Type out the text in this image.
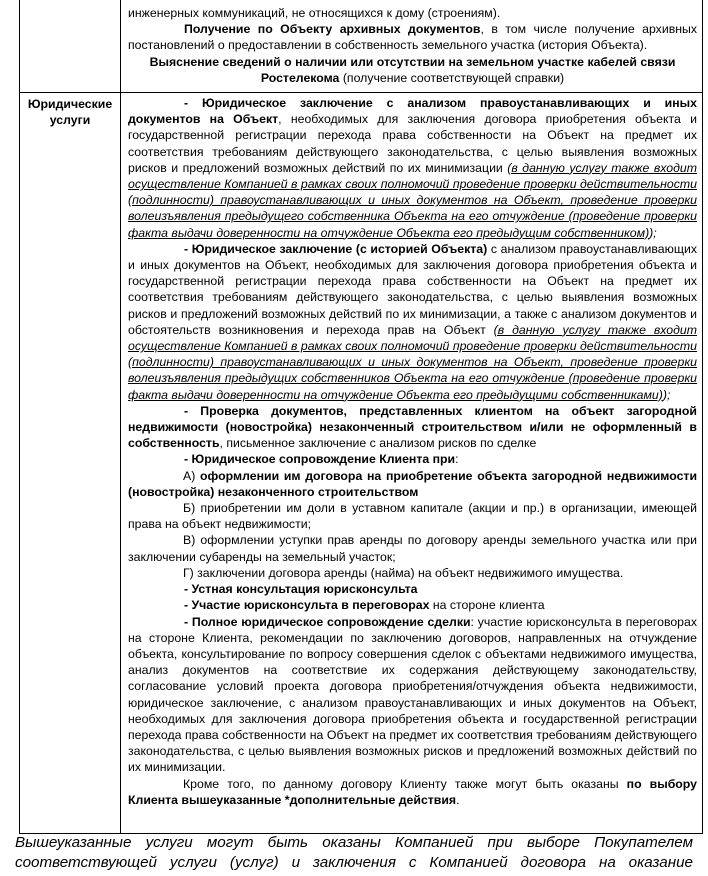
инженерных коммуникаций, не относящихся к дому (строениям).

Получение по Объекту архивных документов, в том числе получение архивных постановлений о предоставлении в собственность земельного участка (история Объекта).

Выяснение сведений о наличии или отсутствии на земельном участке кабелей связи Ростелекома (получение соответствующей справки)

Юридические услуги

- Юридическое заключение с анализом правоустанавливающих и иных документов на Объект, необходимых для заключения договора приобретения объекта и государственной регистрации перехода права собственности на Объект на предмет их соответствия требованиям действующего законодательства, с целью выявления возможных рисков и предложений возможных действий по их минимизации (в данную услугу также входит осуществление Компанией в рамках своих полномочий проведение проверки действительности (подлинности) правоустанавливающих и иных документов на Объект, проведение проверки волеизъявления предыдущего собственника Объекта на его отчуждение (проведение проверки факта выдачи доверенности на отчуждение Объекта его предыдущим собственником));

- Юридическое заключение (с историей Объекта) с анализом правоустанавливающих и иных документов на Объект, необходимых для заключения договора приобретения объекта и государственной регистрации перехода права собственности на Объект на предмет их соответствия требованиям действующего законодательства, с целью выявления возможных рисков и предложений возможных действий по их минимизации, а также с анализом документов и обстоятельств возникновения и перехода прав на Объект (в данную услугу также входит осуществление Компанией в рамках своих полномочий проведение проверки действительности (подлинности) правоустанавливающих и иных документов на Объект, проведение проверки волеизъявления предыдущих собственников Объекта на его отчуждение (проведение проверки факта выдачи доверенности на отчуждение Объекта его предыдущими собственниками));

- Проверка документов, представленных клиентом на объект загородной недвижимости (новостройка) незаконченный строительством и/или не оформленный в собственность, письменное заключение с анализом рисков по сделке

- Юридическое сопровождение Клиента при:

А) оформлении им договора на приобретение объекта загородной недвижимости (новостройка) незаконченного строительством

Б) приобретении им доли в уставном капитале (акции и пр.) в организации, имеющей права на объект недвижимости;

В) оформлении уступки прав аренды по договору аренды земельного участка или при заключении субаренды на земельный участок;

Г) заключении договора аренды (найма) на объект недвижимого имущества.

- Устная консультация юрисконсульта

- Участие юрисконсульта в переговорах на стороне клиента

- Полное юридическое сопровождение сделки: участие юрисконсульта в переговорах на стороне Клиента, рекомендации по заключению договоров, направленных на отчуждение объекта, консультирование по вопросу совершения сделок с объектами недвижимого имущества, анализ документов на соответствие их содержания действующему законодательству, согласование условий проекта договора приобретения/отчуждения объекта недвижимости, юридическое заключение, с анализом правоустанавливающих и иных документов на Объект, необходимых для заключения договора приобретения объекта и государственной регистрации перехода права собственности на Объект на предмет их соответствия требованиям действующего законодательства, с целью выявления возможных рисков и предложений возможных действий по их минимизации.

Кроме того, по данному договору Клиенту также могут быть оказаны по выбору Клиента вышеуказанные *дополнительные действия.

Вышеуказанные услуги могут быть оказаны Компанией при выборе Покупателем соответствующей услуги (услуг) и заключения с Компанией договора на оказание
